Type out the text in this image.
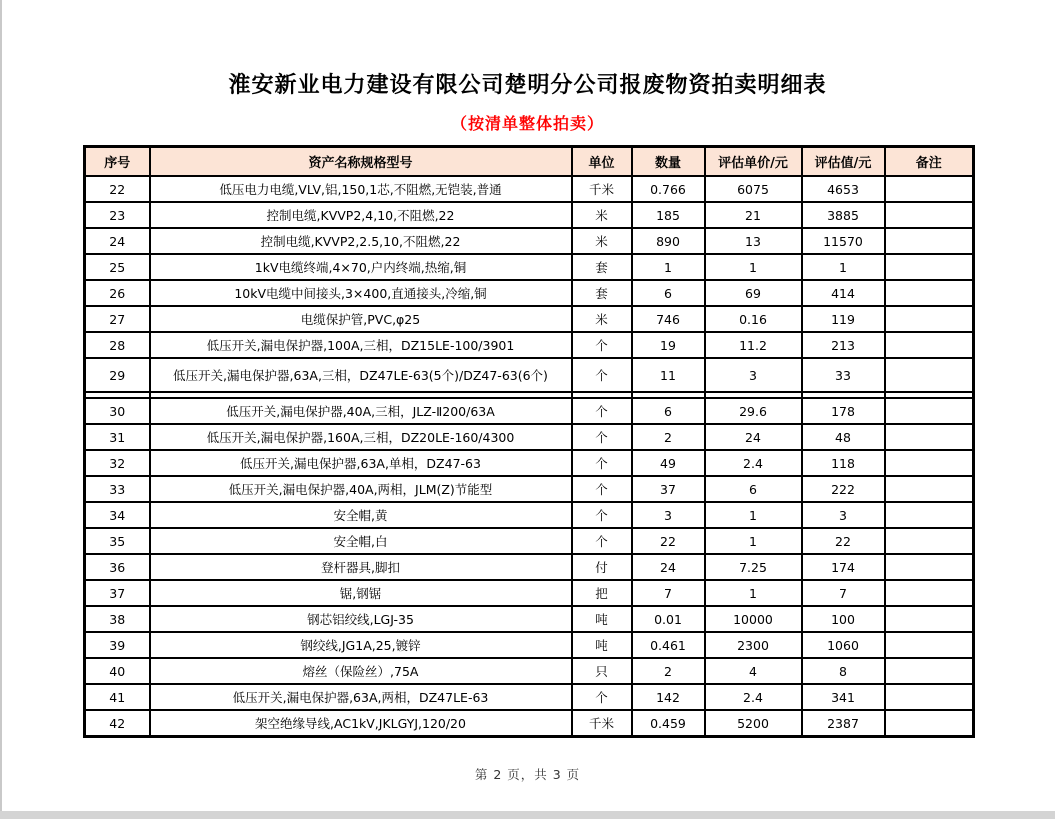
淮安新业电力建设有限公司楚明分公司报废物资拍卖明细表
（按清单整体拍卖）
序号	资产名称规格型号	单位	数量	评估单价/元	评估值/元	备注
22	低压电力电缆,VLV,铝,150,1芯,不阻燃,无铠装,普通	千米	0.766	6075	4653	
23	控制电缆,KVVP2,4,10,不阻燃,22	米	185	21	3885	
24	控制电缆,KVVP2,2.5,10,不阻燃,22	米	890	13	11570	
25	1kV电缆终端,4×70,户内终端,热缩,铜	套	1	1	1	
26	10kV电缆中间接头,3×400,直通接头,冷缩,铜	套	6	69	414	
27	电缆保护管,PVC,φ25	米	746	0.16	119	
28	低压开关,漏电保护器,100A,三相，DZ15LE-100/3901	个	19	11.2	213	
29	低压开关,漏电保护器,63A,三相，DZ47LE-63(5个)/DZ47-63(6个)	个	11	3	33	

30	低压开关,漏电保护器,40A,三相，JLZ-Ⅱ200/63A	个	6	29.6	178	
31	低压开关,漏电保护器,160A,三相，DZ20LE-160/4300	个	2	24	48	
32	低压开关,漏电保护器,63A,单相，DZ47-63	个	49	2.4	118	
33	低压开关,漏电保护器,40A,两相，JLM(Z)节能型	个	37	6	222	
34	安全帽,黄	个	3	1	3	
35	安全帽,白	个	22	1	22	
36	登杆器具,脚扣	付	24	7.25	174	
37	锯,钢锯	把	7	1	7	
38	钢芯铝绞线,LGJ-35	吨	0.01	10000	100	
39	钢绞线,JG1A,25,镀锌	吨	0.461	2300	1060	
40	熔丝（保险丝）,75A	只	2	4	8	
41	低压开关,漏电保护器,63A,两相，DZ47LE-63	个	142	2.4	341	
42	架空绝缘导线,AC1kV,JKLGYJ,120/20	千米	0.459	5200	2387	
第 2 页，共 3 页
